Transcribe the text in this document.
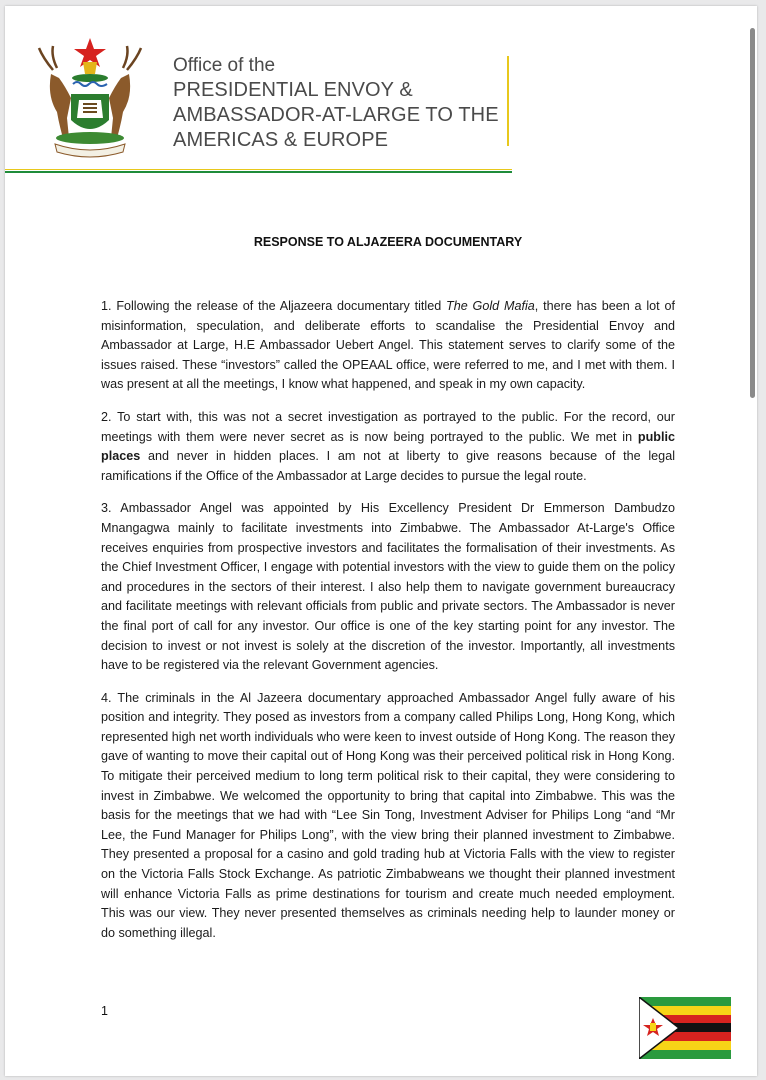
Office of the
PRESIDENTIAL ENVOY &
AMBASSADOR-AT-LARGE TO THE
AMERICAS & EUROPE
RESPONSE TO ALJAZEERA DOCUMENTARY

1. Following the release of the Aljazeera documentary titled The Gold Mafia, there has been a lot of misinformation, speculation, and deliberate efforts to scandalise the Presidential Envoy and Ambassador at Large, H.E Ambassador Uebert Angel. This statement serves to clarify some of the issues raised. These “investors” called the OPEAAL office, were referred to me, and I met with them. I was present at all the meetings, I know what happened, and speak in my own capacity.

2. To start with, this was not a secret investigation as portrayed to the public. For the record, our meetings with them were never secret as is now being portrayed to the public. We met in public places and never in hidden places. I am not at liberty to give reasons because of the legal ramifications if the Office of the Ambassador at Large decides to pursue the legal route.

3. Ambassador Angel was appointed by His Excellency President Dr Emmerson Dambudzo Mnangagwa mainly to facilitate investments into Zimbabwe. The Ambassador At-Large's Office receives enquiries from prospective investors and facilitates the formalisation of their investments. As the Chief Investment Officer, I engage with potential investors with the view to guide them on the policy and procedures in the sectors of their interest. I also help them to navigate government bureaucracy and facilitate meetings with relevant officials from public and private sectors. The Ambassador is never the final port of call for any investor. Our office is one of the key starting point for any investor. The decision to invest or not invest is solely at the discretion of the investor. Importantly, all investments have to be registered via the relevant Government agencies.

4. The criminals in the Al Jazeera documentary approached Ambassador Angel fully aware of his position and integrity. They posed as investors from a company called Philips Long, Hong Kong, which represented high net worth individuals who were keen to invest outside of Hong Kong. The reason they gave of wanting to move their capital out of Hong Kong was their perceived political risk in Hong Kong. To mitigate their perceived medium to long term political risk to their capital, they were considering to invest in Zimbabwe. We welcomed the opportunity to bring that capital into Zimbabwe. This was the basis for the meetings that we had with “Lee Sin Tong, Investment Adviser for Philips Long “and “Mr Lee, the Fund Manager for Philips Long”, with the view bring their planned investment to Zimbabwe. They presented a proposal for a casino and gold trading hub at Victoria Falls with the view to register on the Victoria Falls Stock Exchange. As patriotic Zimbabweans we thought their planned investment will enhance Victoria Falls as prime destinations for tourism and create much needed employment. This was our view. They never presented themselves as criminals needing help to launder money or do something illegal.

1
